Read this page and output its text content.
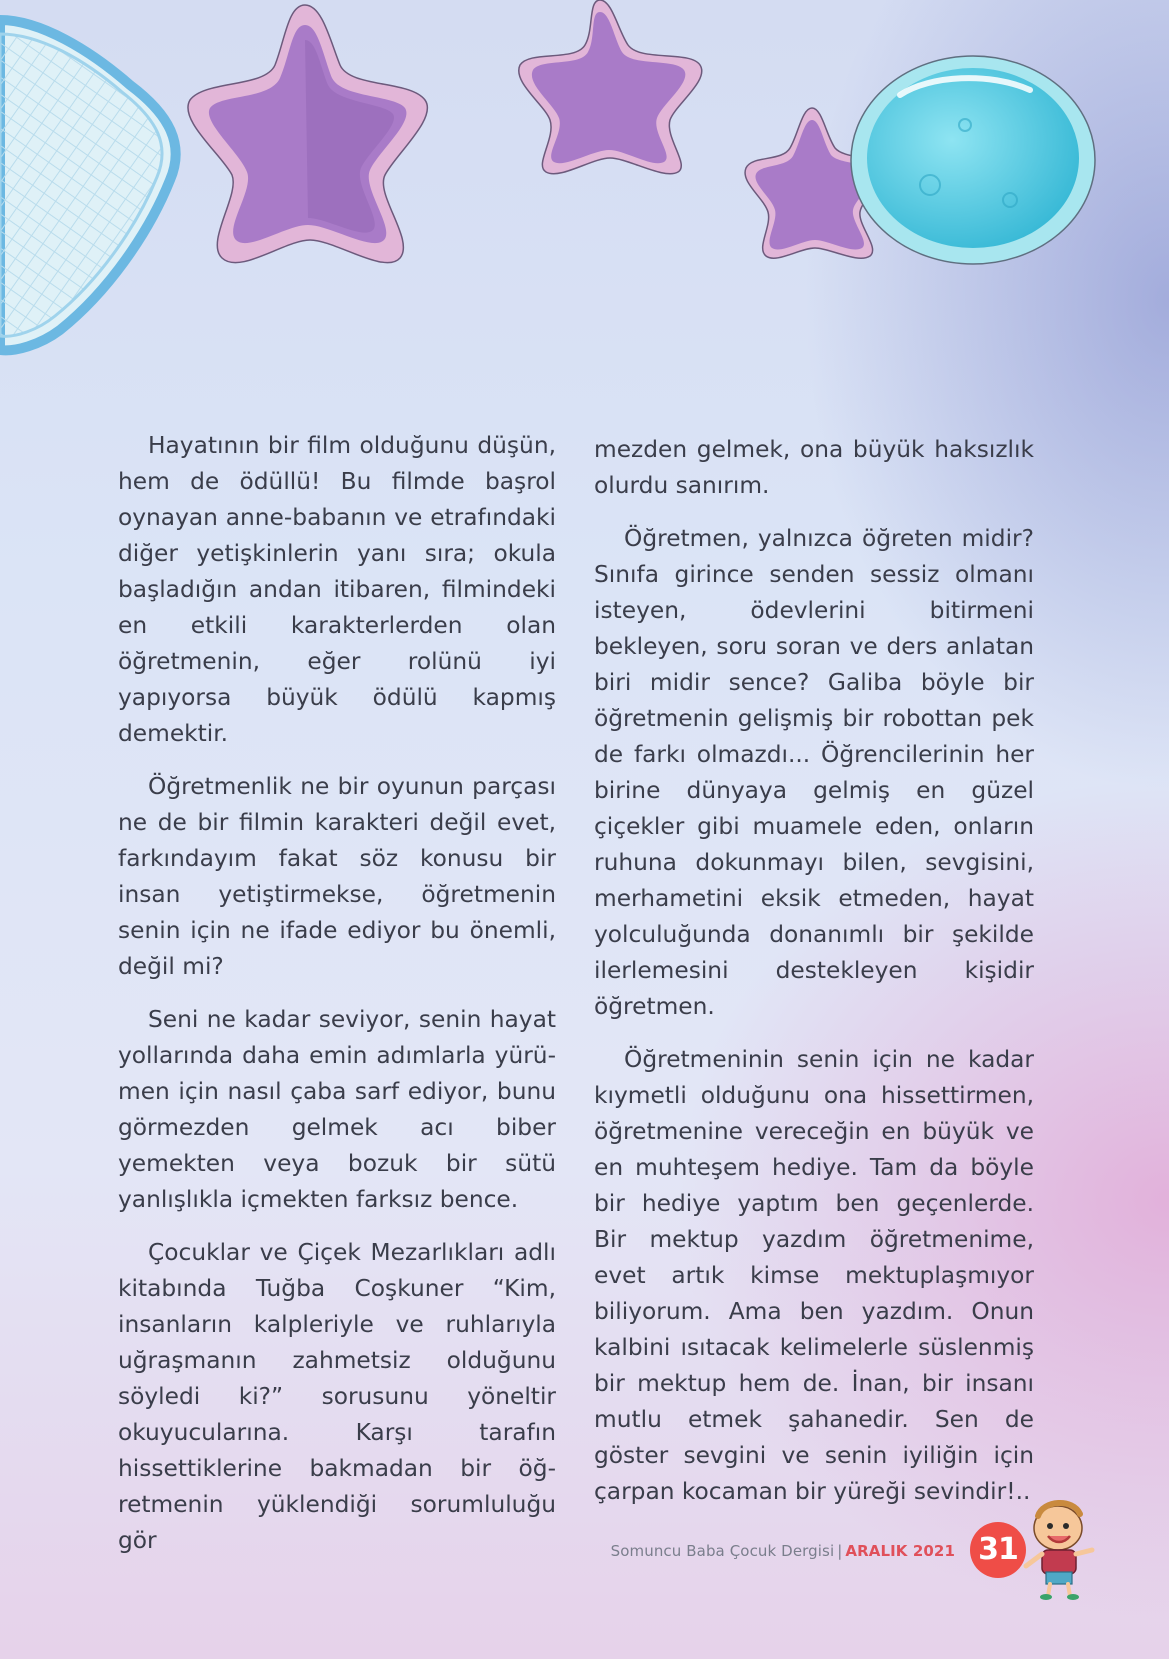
Hayatının bir film olduğunu düşün, hem de ödüllü! Bu filmde başrol oynayan anne-babanın ve etrafındaki diğer yetişkinlerin yanı sıra; okula başladığın andan itibaren, filmindeki en etkili karakterlerden olan öğretmenin, eğer rolünü iyi yapıyorsa büyük ödülü kapmış demektir.

Öğretmenlik ne bir oyunun parçası ne de bir filmin karakteri değil evet, farkındayım fakat söz konusu bir insan yetiştirmekse, öğretmenin senin için ne ifade ediyor bu önemli, değil mi?

Seni ne kadar seviyor, senin hayat yollarında daha emin adımlarla yürümen için nasıl çaba sarf ediyor, bunu görmezden gelmek acı biber yemekten veya bozuk bir sütü yanlışlıkla içmekten farksız bence.

Çocuklar ve Çiçek Mezarlıkları adlı kitabında Tuğba Coşkuner “Kim, insanların kalpleriyle ve ruhlarıyla uğraşmanın zahmetsiz olduğunu söyledi ki?” sorusunu yöneltir okuyucularına. Karşı tarafın hissettiklerine bakmadan bir öğretmenin yüklendiği sorumluluğu gör

mezden gelmek, ona büyük haksızlık olurdu sanırım.

Öğretmen, yalnızca öğreten midir? Sınıfa girince senden sessiz olmanı isteyen, ödevlerini bitirmeni bekleyen, soru soran ve ders anlatan biri midir sence? Galiba böyle bir öğretmenin gelişmiş bir robottan pek de farkı olmazdı... Öğrencilerinin her birine dünyaya gelmiş en güzel çiçekler gibi muamele eden, onların ruhuna dokunmayı bilen, sevgisini, merhametini eksik etmeden, hayat yolculuğunda donanımlı bir şekilde ilerlemesini destekleyen kişidir öğretmen.

Öğretmeninin senin için ne kadar kıymetli olduğunu ona hissettirmen, öğretmenine vereceğin en büyük ve en muhteşem hediye. Tam da böyle bir hediye yaptım ben geçenlerde. Bir mektup yazdım öğretmenime, evet artık kimse mektuplaşmıyor biliyorum. Ama ben yazdım. Onun kalbini ısıtacak kelimelerle süslenmiş bir mektup hem de. İnan, bir insanı mutlu etmek şahanedir. Sen de göster sevgini ve senin iyiliğin için çarpan kocaman bir yüreği sevindir!..

Somuncu Baba Çocuk Dergisi | ARALIK 2021 31
